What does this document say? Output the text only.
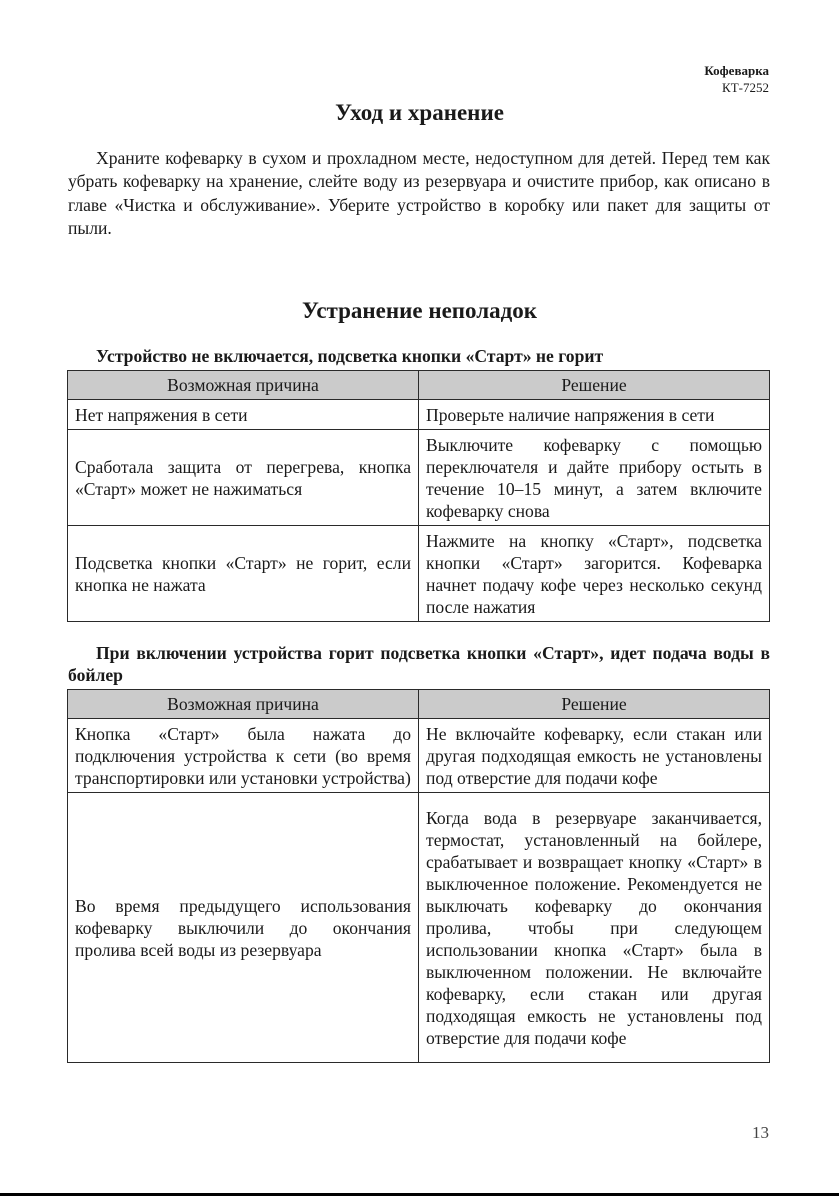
Кофеварка
КТ-7252
Уход и хранение

Храните кофеварку в сухом и прохладном месте, недоступном для детей. Перед тем как убрать кофеварку на хранение, слейте воду из резервуара и очистите прибор, как описано в главе «Чистка и обслуживание». Уберите устройство в коробку или пакет для защиты от пыли.

Устранение неполадок

Устройство не включается, подсветка кнопки «Старт» не горит

Возможная причина	Решение
Нет напряжения в сети	Проверьте наличие напряжения в сети
Сработала защита от перегрева, кнопка «Старт» может не нажиматься	Выключите кофеварку с помощью переключателя и дайте прибору остыть в течение 10–15 минут, а затем включите кофеварку снова
Подсветка кнопки «Старт» не горит, если кнопка не нажата	Нажмите на кнопку «Старт», подсветка кнопки «Старт» загорится. Кофеварка начнет подачу кофе через несколько секунд после нажатия

При включении устройства горит подсветка кнопки «Старт», идет подача воды в бойлер

Возможная причина	Решение
Кнопка «Старт» была нажата до подключения устройства к сети (во время транспортировки или установки устройства)	Не включайте кофеварку, если стакан или другая подходящая емкость не установлены под отверстие для подачи кофе
Во время предыдущего использования кофеварку выключили до окончания пролива всей воды из резервуара	Когда вода в резервуаре заканчивается, термостат, установленный на бойлере, срабатывает и возвращает кнопку «Старт» в выключенное положение. Рекомендуется не выключать кофеварку до окончания пролива, чтобы при следующем использовании кнопка «Старт» была в выключенном положении. Не включайте кофеварку, если стакан или другая подходящая емкость не установлены под отверстие для подачи кофе
13
